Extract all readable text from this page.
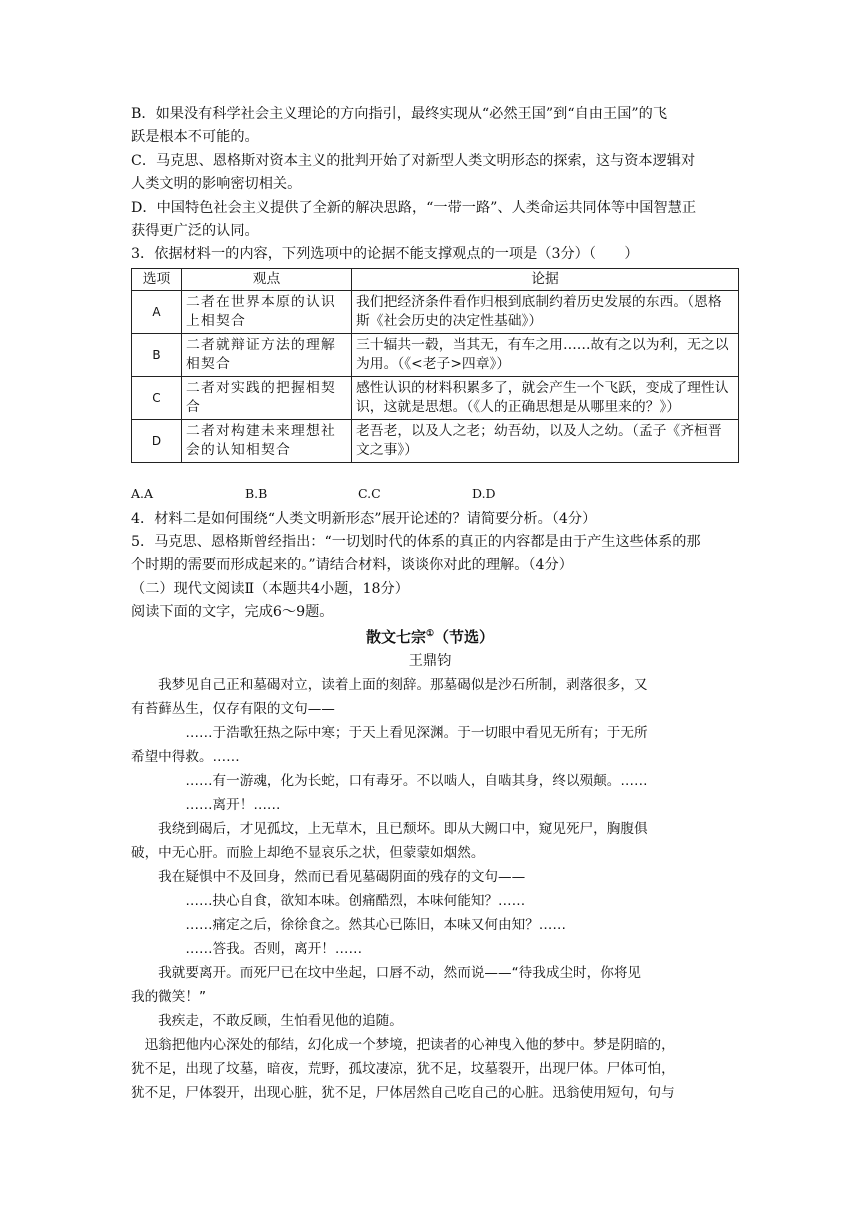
B．如果没有科学社会主义理论的方向指引，最终实现从“必然王国”到“自由王国”的飞
跃是根本不可能的。
C．马克思、恩格斯对资本主义的批判开始了对新型人类文明形态的探索，这与资本逻辑对
人类文明的影响密切相关。
D．中国特色社会主义提供了全新的解决思路，“一带一路”、人类命运共同体等中国智慧正
获得更广泛的认同。
3．依据材料一的内容，下列选项中的论据不能支撑观点的一项是（3分）（　　）
选项	观点	论据
A	二者在世界本原的认识上相契合	我们把经济条件看作归根到底制约着历史发展的东西。（恩格斯《社会历史的决定性基础》）
B	二者就辩证方法的理解相契合	三十辐共一毂，当其无，有车之用……故有之以为利，无之以为用。（《<老子>四章》）
C	二者对实践的把握相契合	感性认识的材料积累多了，就会产生一个飞跃，变成了理性认识，这就是思想。（《人的正确思想是从哪里来的？》）
D	二者对构建未来理想社会的认知相契合	老吾老，以及人之老；幼吾幼，以及人之幼。（孟子《齐桓晋文之事》）
A.A	B.B	C.C	D.D
4．材料二是如何围绕“人类文明新形态”展开论述的？请简要分析。（4分）
5．马克思、恩格斯曾经指出：“一切划时代的体系的真正的内容都是由于产生这些体系的那
个时期的需要而形成起来的。”请结合材料，谈谈你对此的理解。（4分）
（二）现代文阅读Ⅱ（本题共4小题，18分）
阅读下面的文字，完成6～9题。
散文七宗①（节选）
王鼎钧
　　我梦见自己正和墓碣对立，读着上面的刻辞。那墓碣似是沙石所制，剥落很多，又
有苔藓丛生，仅存有限的文句——
　　　　……于浩歌狂热之际中寒；于天上看见深渊。于一切眼中看见无所有；于无所
希望中得救。……
　　　　……有一游魂，化为长蛇，口有毒牙。不以啮人，自啮其身，终以殒颠。……
　　　　……离开！……
　　我绕到碣后，才见孤坟，上无草木，且已颓坏。即从大阙口中，窥见死尸，胸腹俱
破，中无心肝。而脸上却绝不显哀乐之状，但蒙蒙如烟然。
　　我在疑惧中不及回身，然而已看见墓碣阴面的残存的文句——
　　　　……抉心自食，欲知本味。创痛酷烈，本味何能知？……
　　　　……痛定之后，徐徐食之。然其心已陈旧，本味又何由知？……
　　　　……答我。否则，离开！……
　　我就要离开。而死尸已在坟中坐起，口唇不动，然而说——“待我成尘时，你将见
我的微笑！”
　　我疾走，不敢反顾，生怕看见他的追随。
　迅翁把他内心深处的郁结，幻化成一个梦境，把读者的心神曳入他的梦中。梦是阴暗的，
犹不足，出现了坟墓，暗夜，荒野，孤坟凄凉，犹不足，坟墓裂开，出现尸体。尸体可怕，
犹不足，尸体裂开，出现心脏，犹不足，尸体居然自己吃自己的心脏。迅翁使用短句，句与
